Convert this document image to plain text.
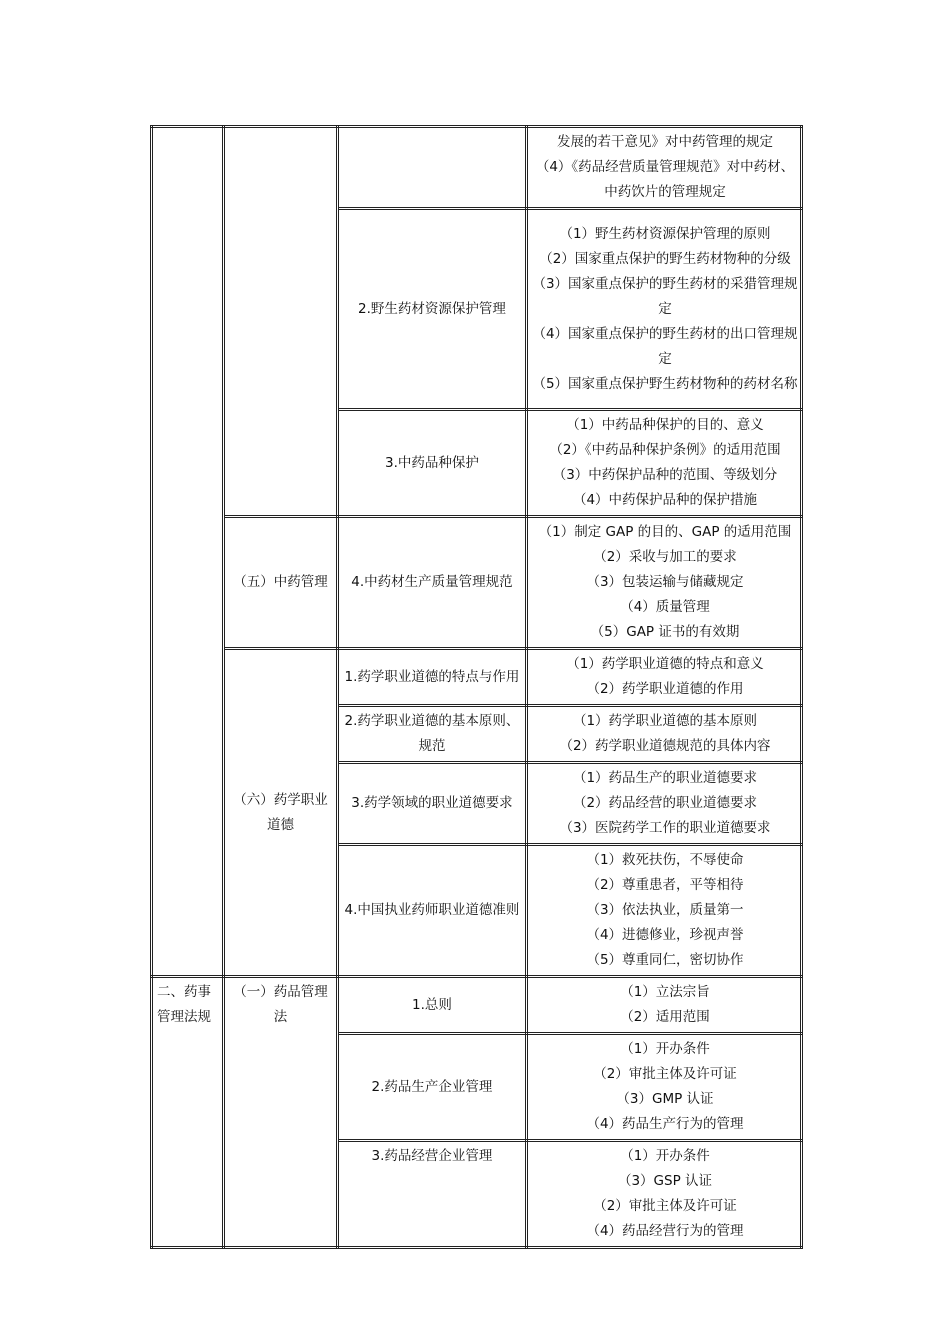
			发展的若干意见》对中药管理的规定
（4）《药品经营质量管理规范》对中药材、中药饮片的管理规定

		2.野生药材资源保护管理	（1）野生药材资源保护管理的原则
（2）国家重点保护的野生药材物种的分级
（3）国家重点保护的野生药材的采猎管理规定
（4）国家重点保护的野生药材的出口管理规定
（5）国家重点保护野生药材物种的药材名称

		3.中药品种保护	（1）中药品种保护的目的、意义
（2）《中药品种保护条例》的适用范围
（3）中药保护品种的范围、等级划分
（4）中药保护品种的保护措施

	（五）中药管理	4.中药材生产质量管理规范	（1）制定 GAP 的目的、GAP 的适用范围
（2）采收与加工的要求
（3）包装运输与储藏规定
（4）质量管理
（5）GAP 证书的有效期

	（六）药学职业道德	1.药学职业道德的特点与作用	（1）药学职业道德的特点和意义
（2）药学职业道德的作用

		2.药学职业道德的基本原则、规范	（1）药学职业道德的基本原则
（2）药学职业道德规范的具体内容

		3.药学领域的职业道德要求	（1）药品生产的职业道德要求
（2）药品经营的职业道德要求
（3）医院药学工作的职业道德要求

		4.中国执业药师职业道德准则	（1）救死扶伤，不辱使命
（2）尊重患者，平等相待
（3）依法执业，质量第一
（4）进德修业，珍视声誉
（5）尊重同仁，密切协作

二、药事管理法规	（一）药品管理法	1.总则	（1）立法宗旨
（2）适用范围

		2.药品生产企业管理	（1）开办条件
（2）审批主体及许可证
（3）GMP 认证
（4）药品生产行为的管理

		3.药品经营企业管理	（1）开办条件
（3）GSP 认证
（2）审批主体及许可证
（4）药品经营行为的管理
